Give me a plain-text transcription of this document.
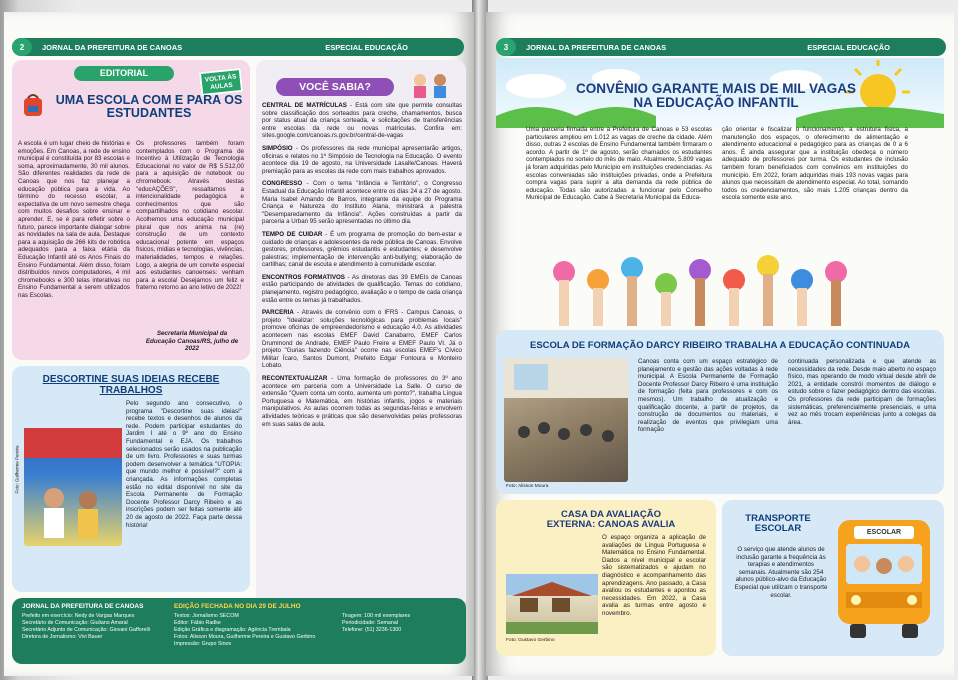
2	JORNAL DA PREFEITURA DE CANOAS	ESPECIAL EDUCAÇÃO
EDITORIAL
VOLTA ÀS AULAS
UMA ESCOLA COM E PARA OS ESTUDANTES
A escola é um lugar cheio de histórias e emoções. Em Canoas, a rede de ensino municipal é constituída por 83 escolas e soma, aproximadamente, 30 mil alunos. São diferentes realidades da rede de Canoas que nos faz planejar a educação pública para a vida. Ao término do recesso escolar, a expectativa de um novo semestre chega com muitos desafios sobre ensinar e aprender. E, se é para refletir sobre o futuro, parece importante dialogar sobre as novidades na sala de aula. Destaque para a aquisição de 266 kits de robótica adequados para a faixa etária da Educação Infantil até os Anos Finais do Ensino Fundamental. Além disso, foram distribuídos novos computadores, 4 mil chromebooks e 300 telas interativas no Ensino Fundamental a serem utilizados nas Escolas.
Os professores também foram contemplados com o Programa de Incentivo à Utilização de Tecnologia Educacional no valor de R$ 5.512,00 para a aquisição de notebook ou chromebook. Através destas "educAÇÕES", ressaltamos a intencionalidade pedagógica e conhecimentos que são compartilhados no cotidiano escolar. Acolhemos uma educação municipal plural que nos anima na (re) construção de um contexto educacional potente em espaços físicos, mídias e tecnologias, vivências, materialidades, tempos e relações. Logo, a alegria de um convite especial aos estudantes canoenses: venham para a escola! Desejamos um feliz e fraterno retorno ao ano letivo de 2022!
Secretaria Municipal da Educação Canoas/RS, julho de 2022
VOCÊ SABIA?

CENTRAL DE MATRÍCULAS - Está com site que permite consultas sobre classificação dos sorteados para creche, chamamentos, busca por status atual da criança sorteada, e solicitações de transferências entre escolas da rede ou novas matrículas. Confira em: sites.google.com/canoas.rs.gov.br/central-de-vagas

SIMPÓSIO - Os professores da rede municipal apresentarão artigos, oficinas e relatos no 1º Simpósio de Tecnologia na Educação. O evento acontece dia 19 de agosto, na Universidade Lasalle/Canoas. Haverá premiação para as escolas da rede com mais trabalhos aprovados.

CONGRESSO - Com o tema "Infância e Território", o Congresso Estadual da Educação Infantil acontece entre os dias 24 a 27 de agosto. Maria Isabel Amando de Barros, integrante da equipe do Programa Criança e Natureza do Instituto Alana, ministrará a palestra "Desemparedamento da Infância". Ações construídas a partir da parceria a Urban 95 serão apresentadas no último dia.

TEMPO DE CUIDAR - É um programa de promoção do bem-estar e cuidado de crianças e adolescentes da rede pública de Canoas. Envolve gestores, professores, grêmios estudantis e estudantes; e desenvolve palestras; implementação de intervenção anti-bullying; elaboração de cartilhas; canal de escuta e atendimento à comunidade escolar.

ENCONTROS FORMATIVOS - As diretoras das 39 EMEIs de Canoas estão participando de atividades de qualificação. Temas do cotidiano, planejamento, registro pedagógico, avaliação e o tempo de cada criança estão entre os temas já trabalhados.

PARCERIA - Através de convênio com o IFRS - Campus Canoas, o projeto "Idealizar: soluções tecnológicas para problemas locais" promove oficinas de empreendedorismo e educação 4.0. As atividades acontecem nas escolas EMEF David Canabarro, EMEF Carlos Drummond de Andrade, EMEF Paulo Freire e EMEF Paulo VI. Já o projeto "Gurias fazendo Ciência" ocorre nas escolas EMEF's Cívico Militar Ícaro, Santos Dumont, Prefeito Edgar Fontoura e Monteiro Lobato.

RECONTEXTUALIZAR - Uma formação de professores do 3º ano acontece em parceria com a Universidade La Salle. O curso de extensão "Quem conta um conto, aumenta um ponto?", trabalha Língua Portuguesa e Matemática, em histórias infantis, jogos e materiais manipulativos. As aulas ocorrem todas as segundas-feiras e envolvem atividades teóricas e práticas que são desenvolvidas pelas professoras em suas salas de aula.

DESCORTINE SUAS IDEIAS RECEBE TRABALHOS
Foto: Guilherme Pereira
Pelo segundo ano consecutivo, o programa "Descortine suas ideias!" recebe textos e desenhos de alunos da rede. Podem participar estudantes do Jardim I até o 9º ano do Ensino Fundamental e EJA. Os trabalhos selecionados serão usados na publicação de um livro. Professores e suas turmas podem desenvolver a temática "UTOPIA: que mundo melhor é possível?" com a criançada. As informações completas estão no edital disponível no site da Escola Permanente de Formação Docente Professor Darcy Ribeiro e as inscrições podem ser feitas somente até 20 de agosto de 2022. Faça parte dessa história!
JORNAL DA PREFEITURA DE CANOAS	EDIÇÃO FECHADA NO DIA 29 DE JULHO
Prefeito em exercício: Nedy de Vargas Marques
Secretário de Comunicação: Giuliano Amaral
Secretário Adjunto de Comunicação: Giovani Gafforelli
Diretora de Jornalismo: Vivi Bauer
Textos: Jornalismo SECOM
Editor: Fábio Radke
Edição Gráfica e diagramação: Agência Trembala
Fotos: Alisson Moura, Guilherme Pereira e Gustavo Gerbino
Impressão: Grupo Sinos
Tiragem: 100 mil exemplares
Periodicidade: Semanal
Telefone: (51) 3236-1300
3	JORNAL DA PREFEITURA DE CANOAS	ESPECIAL EDUCAÇÃO
CONVÊNIO GARANTE MAIS DE MIL VAGAS NA EDUCAÇÃO INFANTIL
Uma parceria firmada entre a Prefeitura de Canoas e 53 escolas particulares ampliou em 1.012 as vagas de creche da cidade. Além disso, outras 2 escolas de Ensino Fundamental também firmaram o acordo. A partir de 1º de agosto, serão chamados os estudantes contemplados no sorteio do mês de maio. Atualmente, 5.809 vagas já foram adquiridas pelo Município em instituições credenciadas. As escolas conveniadas são instituições privadas, onde a Prefeitura compra vagas para suprir a alta demanda da rede pública de educação. Todas são autorizadas a funcionar pelo Conselho Municipal de Educação. Cabe à Secretaria Municipal da Educa-
ção orientar e fiscalizar o funcionamento, a estrutura física, a manutenção dos espaços, o oferecimento de alimentação e atendimento educacional e pedagógico para as crianças de 0 a 6 anos. É ainda assegurar que a instituição obedeça o número adequado de professores por turma. Os estudantes de inclusão também foram beneficiados com convênios em instituições do município. Em 2022, foram adquiridas mais 193 novas vagas para alunos que necessitam de atendimento especial. Ao total, somando todos os credenciamentos, são mais 1.205 crianças dentro da escola somente este ano.
ESCOLA DE FORMAÇÃO DARCY RIBEIRO TRABALHA A EDUCAÇÃO CONTINUADA
Foto: Alisson Moura
Canoas conta com um espaço estratégico de planejamento e gestão das ações voltadas à rede municipal. A Escola Permanente de Formação Docente Professor Darcy Ribeiro é uma instituição de formação (feita para professores e com os mesmos). Um trabalho de atualização e qualificação docente, a partir de projetos, da construção de documentos ou materiais, e realização de eventos que privilegiam uma formação
continuada personalizada e que atende as necessidades da rede. Desde maio aberto no espaço físico, mas operando de modo virtual desde abril de 2021, a entidade constrói momentos de diálogo e estudo sobre o fazer pedagógico dentro das escolas. Os professores da rede participam de formações sistemáticas, preferencialmente presenciais, e uma vez ao mês trocam experiências junto a colegas da área.
CASA DA AVALIAÇÃO EXTERNA: CANOAS AVALIA
Foto: Gustavo Gerbino
O espaço organiza a aplicação de avaliações de Língua Portuguesa e Matemática no Ensino Fundamental. Dados a nível municipal e escolar são sistematizados e ajudam no diagnóstico e acompanhamento das aprendizagens. Ano passado, a Casa avaliou os estudantes e apontou as necessidades. Em 2022, a Casa avalia as turmas entre agosto e novembro.
TRANSPORTE ESCOLAR
O serviço que atende alunos de inclusão garante a frequência às terapias e atendimentos semanais. Atualmente são 254 alunos público-alvo da Educação Especial que utilizam o transporte escolar.
ESCOLAR
